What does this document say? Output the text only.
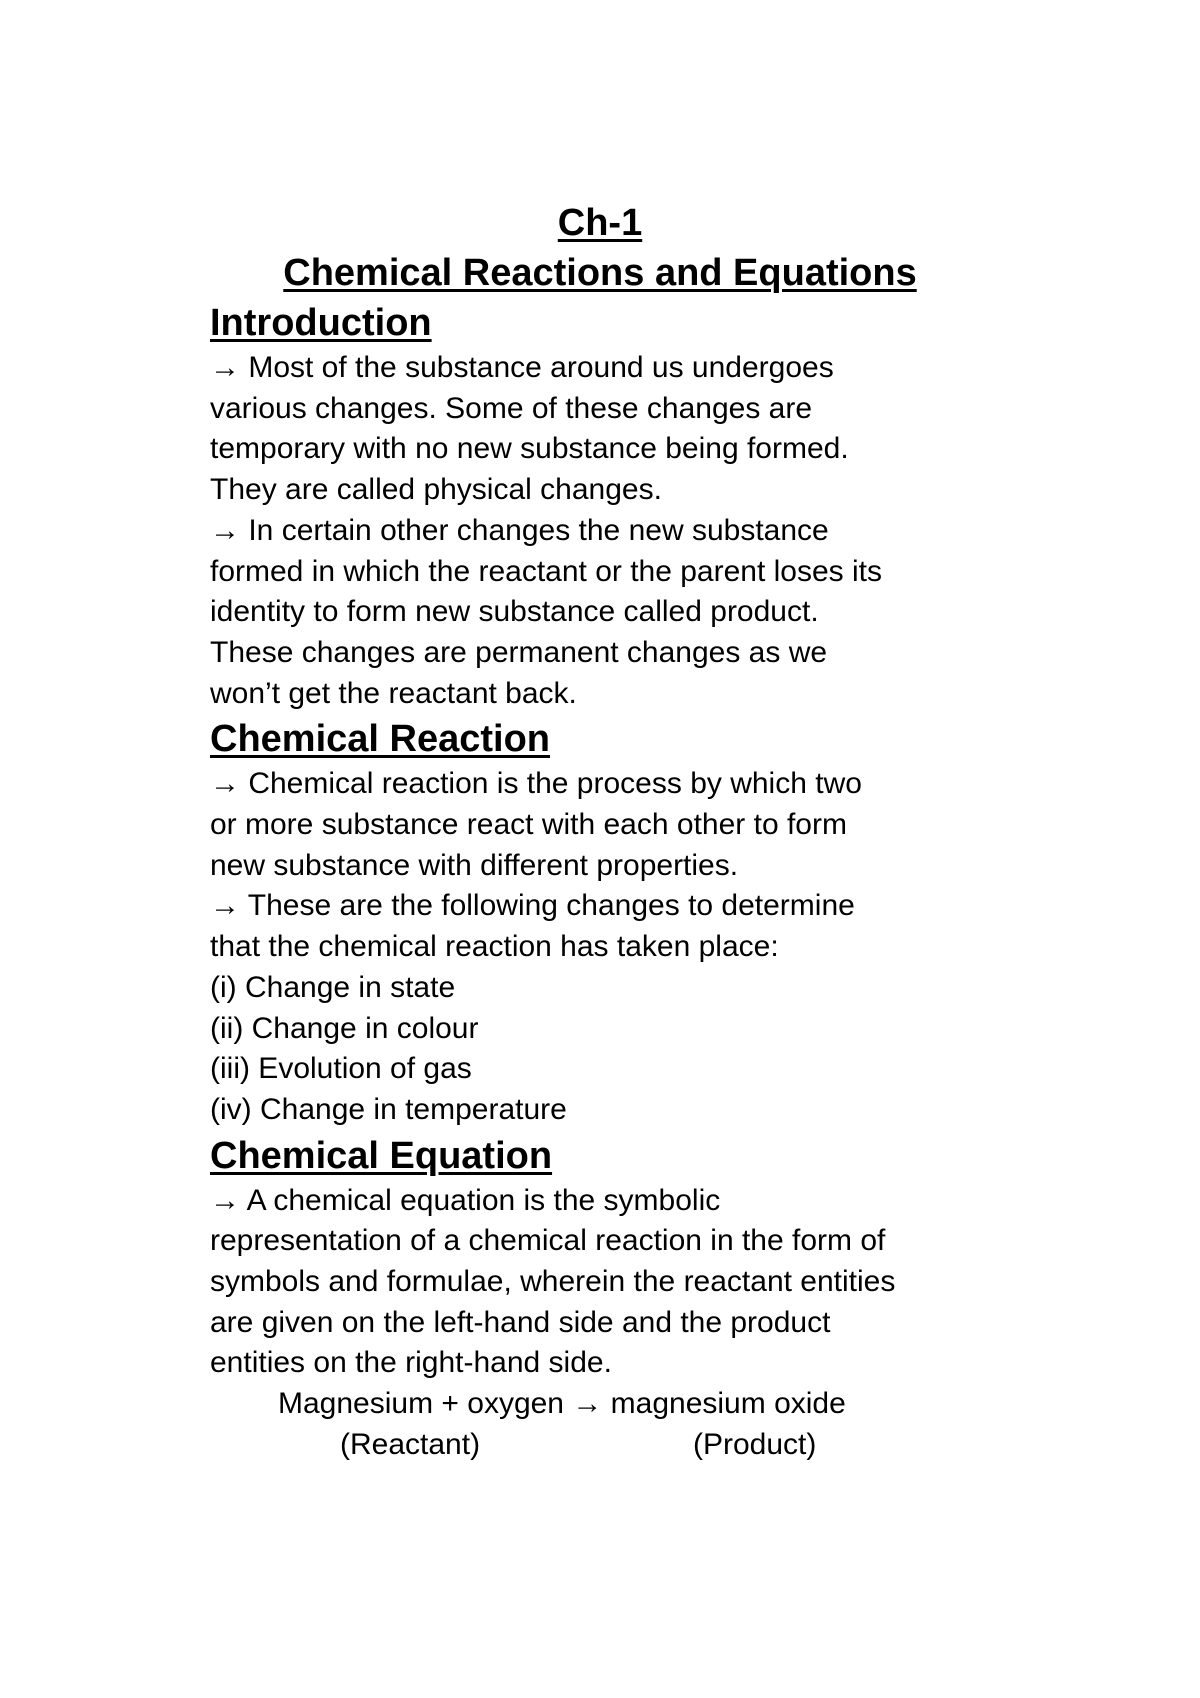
Ch-1
Chemical Reactions and Equations
Introduction

→ Most of the substance around us undergoes

various changes. Some of these changes are

temporary with no new substance being formed.

They are called physical changes.

→ In certain other changes the new substance

formed in which the reactant or the parent loses its

identity to form new substance called product.

These changes are permanent changes as we

won’t get the reactant back.

Chemical Reaction

→ Chemical reaction is the process by which two

or more substance react with each other to form

new substance with different properties.

→ These are the following changes to determine

that the chemical reaction has taken place:

(i) Change in state

(ii) Change in colour

(iii) Evolution of gas

(iv) Change in temperature

Chemical Equation

→ A chemical equation is the symbolic

representation of a chemical reaction in the form of

symbols and formulae, wherein the reactant entities

are given on the left-hand side and the product

entities on the right-hand side.

Magnesium + oxygen → magnesium oxide
(Reactant)	(Product)
